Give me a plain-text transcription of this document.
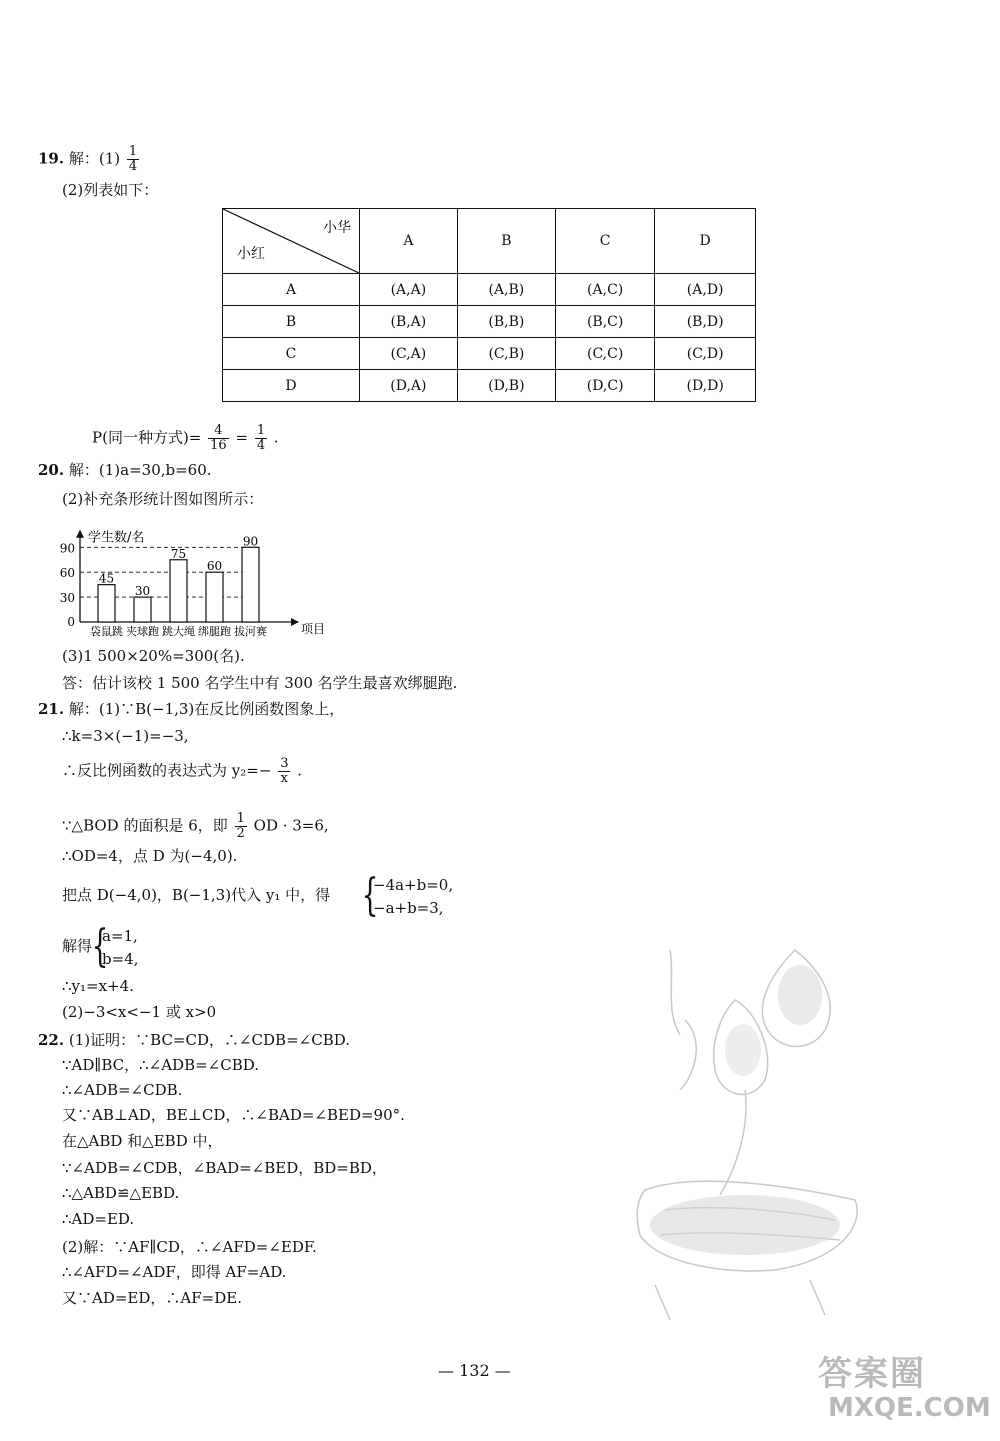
19. 解：$(1) \frac{1}{4}$
(2)列表如下：
小华
小红	A	B	C	D
A	(A,A)	(A,B)	(A,C)	(A,D)
B	(B,A)	(B,B)	(B,C)	(B,D)
C	(C,A)	(C,B)	(C,C)	(C,D)
D	(D,A)	(D,B)	(D,C)	(D,D)
P(同一种方式)= $\frac{4}{16} = \frac{1}{4}$ .
20. 解：(1)a=30,b=60.
(2)补充条形统计图如图所示：
学生数/名
项目
0
30
60
90
45
袋鼠跳
30
夹球跑
75
跳大绳
60
绑腿跑
90
拔河赛
(3)1 500×20%=300(名).
答：估计该校 1 500 名学生中有 300 名学生最喜欢绑腿跑.
21. 解：(1)∵B(−1,3)在反比例函数图象上，
∴k=3×(−1)=−3,
∴反比例函数的表达式为 $y_2=- \frac{3}{x}$ .
∵△BOD 的面积是 6，即 $\frac{1}{2}$ OD · 3=6,
∴OD=4，点 D 为(−4,0).
把点 D(−4,0)，B(−1,3)代入 y₁ 中，得 {
−4a+b=0,
−a+b=3,
解得 {
a=1,
b=4,
∴y₁=x+4.
(2)−3<x<−1 或 x>0
22. (1)证明：∵BC=CD，∴∠CDB=∠CBD.
∵AD∥BC，∴∠ADB=∠CBD.
∴∠ADB=∠CDB.
又∵AB⊥AD，BE⊥CD，∴∠BAD=∠BED=90°.
在△ABD 和△EBD 中，
∵∠ADB=∠CDB，∠BAD=∠BED，BD=BD，
∴△ABD≌△EBD.
∴AD=ED.
(2)解：∵AF∥CD，∴∠AFD=∠EDF.
∴∠AFD=∠ADF，即得 AF=AD.
又∵AD=ED，∴AF=DE.
— 132 —	答案圈
MXQE.COM
